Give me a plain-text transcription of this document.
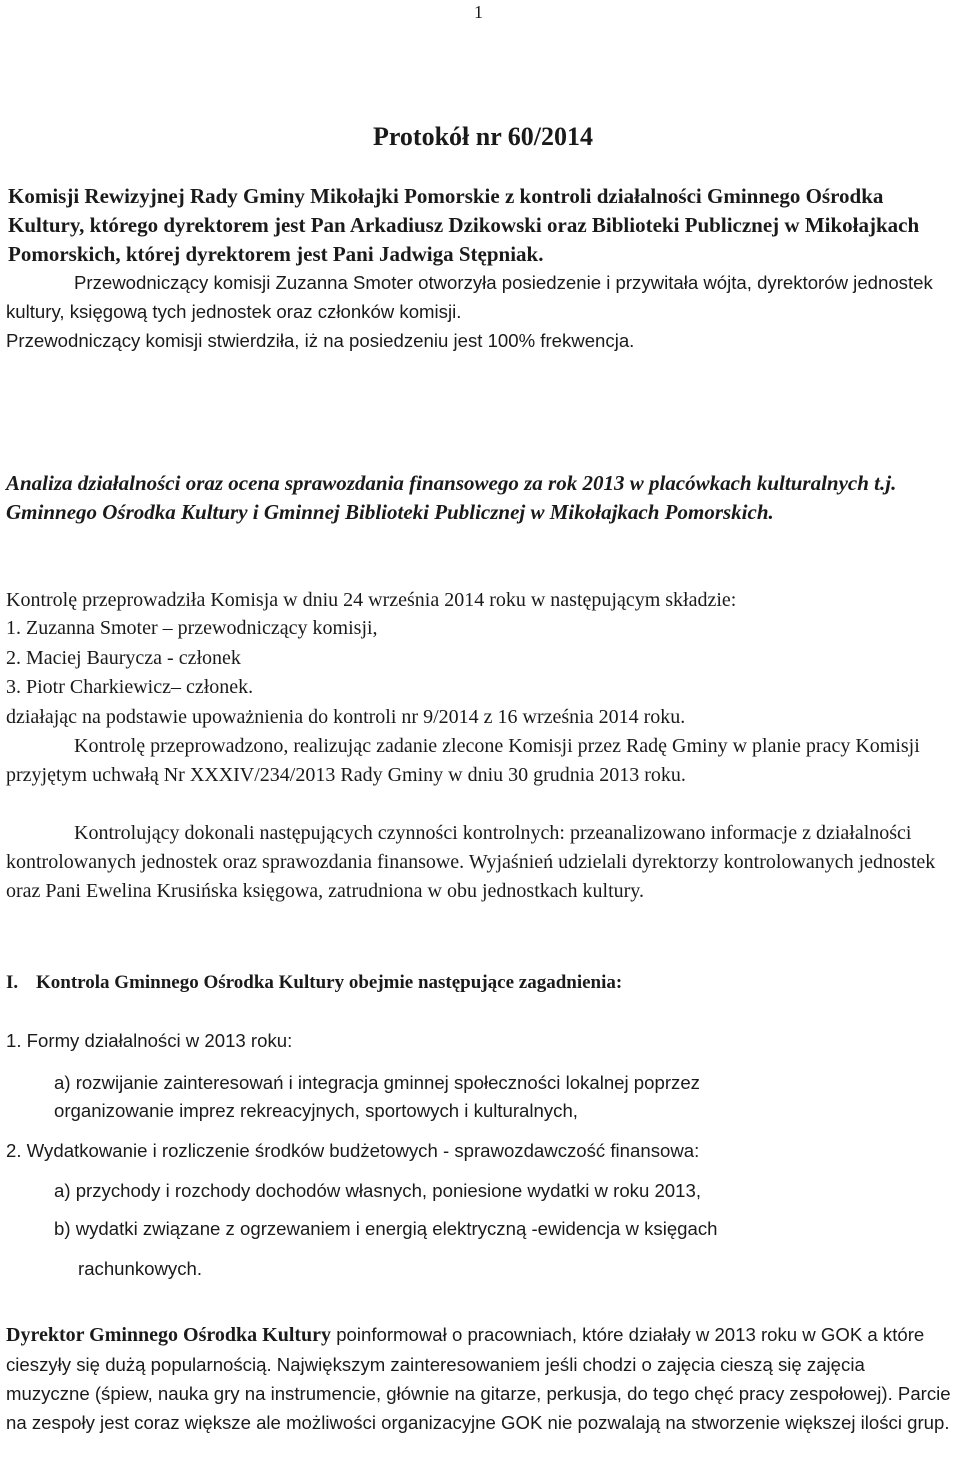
1
Protokół nr 60/2014
Komisji Rewizyjnej Rady Gminy Mikołajki Pomorskie z kontroli działalności Gminnego Ośrodka Kultury, którego dyrektorem jest Pan Arkadiusz Dzikowski oraz Biblioteki Publicznej w Mikołajkach Pomorskich, której dyrektorem jest Pani Jadwiga Stępniak.
Przewodniczący komisji Zuzanna Smoter otworzyła posiedzenie i przywitała wójta, dyrektorów jednostek kultury, księgową tych jednostek oraz członków komisji.
Przewodniczący komisji stwierdziła, iż na posiedzeniu jest 100% frekwencja.
Analiza działalności oraz ocena sprawozdania finansowego za rok 2013 w placówkach kulturalnych t.j. Gminnego Ośrodka Kultury i Gminnej Biblioteki Publicznej w Mikołajkach Pomorskich.
Kontrolę przeprowadziła Komisja w dniu 24 września 2014 roku w następującym składzie:
1. Zuzanna Smoter – przewodniczący komisji,
2. Maciej Baurycza - członek
3. Piotr Charkiewicz– członek.
działając na podstawie upoważnienia do kontroli nr 9/2014 z 16 września 2014 roku.
Kontrolę przeprowadzono, realizując zadanie zlecone Komisji przez Radę Gminy w planie pracy Komisji przyjętym uchwałą Nr XXXIV/234/2013 Rady Gminy w dniu 30 grudnia 2013 roku.
Kontrolujący dokonali następujących czynności kontrolnych: przeanalizowano informacje z działalności kontrolowanych jednostek oraz sprawozdania finansowe. Wyjaśnień udzielali dyrektorzy kontrolowanych jednostek oraz Pani Ewelina Krusińska księgowa, zatrudniona w obu jednostkach kultury.
I. Kontrola Gminnego Ośrodka Kultury obejmie następujące zagadnienia:
1. Formy działalności w 2013 roku:
a) rozwijanie zainteresowań i integracja gminnej społeczności lokalnej poprzez
organizowanie imprez rekreacyjnych, sportowych i kulturalnych,
2. Wydatkowanie i rozliczenie środków budżetowych - sprawozdawczość finansowa:
a) przychody i rozchody dochodów własnych, poniesione wydatki w roku 2013,
b) wydatki związane z ogrzewaniem i energią elektryczną -ewidencja w księgach
rachunkowych.
Dyrektor Gminnego Ośrodka Kultury poinformował o pracowniach, które działały w 2013 roku w GOK a które cieszyły się dużą popularnością. Największym zainteresowaniem jeśli chodzi o zajęcia cieszą się zajęcia muzyczne (śpiew, nauka gry na instrumencie, głównie na gitarze, perkusja, do tego chęć pracy zespołowej). Parcie na zespoły jest coraz większe ale możliwości organizacyjne GOK nie pozwalają na stworzenie większej ilości grup.
